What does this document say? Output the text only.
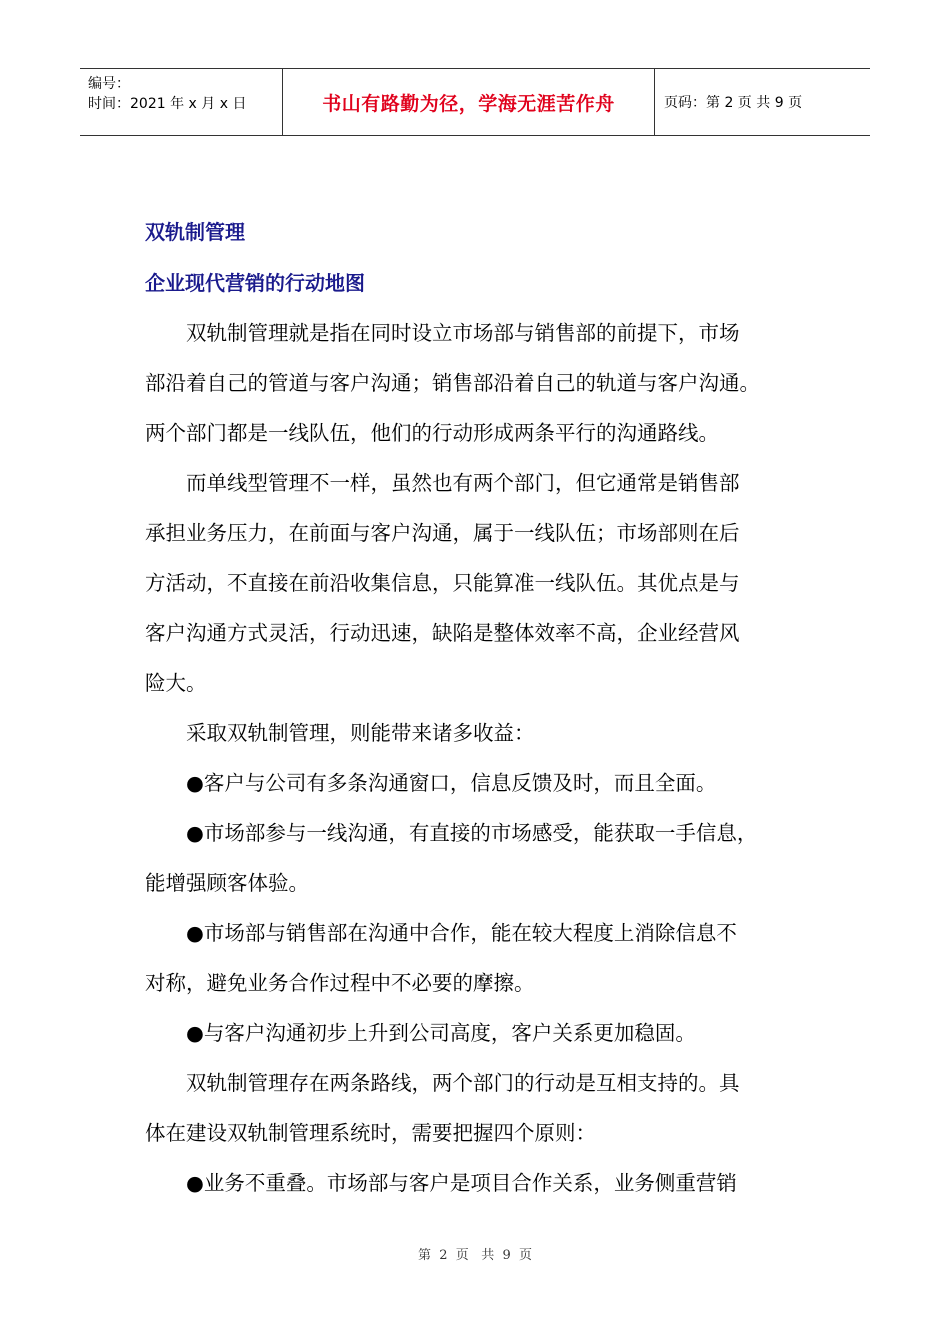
编号：
时间：2021 年 x 月 x 日	书山有路勤为径，学海无涯苦作舟	页码：第 2 页 共 9 页
双轨制管理
企业现代营销的行动地图
　　双轨制管理就是指在同时设立市场部与销售部的前提下，市场
部沿着自己的管道与客户沟通；销售部沿着自己的轨道与客户沟通。
两个部门都是一线队伍，他们的行动形成两条平行的沟通路线。
　　而单线型管理不一样，虽然也有两个部门，但它通常是销售部
承担业务压力，在前面与客户沟通，属于一线队伍；市场部则在后
方活动，不直接在前沿收集信息，只能算准一线队伍。其优点是与
客户沟通方式灵活，行动迅速，缺陷是整体效率不高，企业经营风
险大。
　　采取双轨制管理，则能带来诸多收益：
　　●客户与公司有多条沟通窗口，信息反馈及时，而且全面。
　　●市场部参与一线沟通，有直接的市场感受，能获取一手信息，
能增强顾客体验。
　　●市场部与销售部在沟通中合作，能在较大程度上消除信息不
对称，避免业务合作过程中不必要的摩擦。
　　●与客户沟通初步上升到公司高度，客户关系更加稳固。
　　双轨制管理存在两条路线，两个部门的行动是互相支持的。具
体在建设双轨制管理系统时，需要把握四个原则：
　　●业务不重叠。市场部与客户是项目合作关系，业务侧重营销
第  2  页   共  9  页
